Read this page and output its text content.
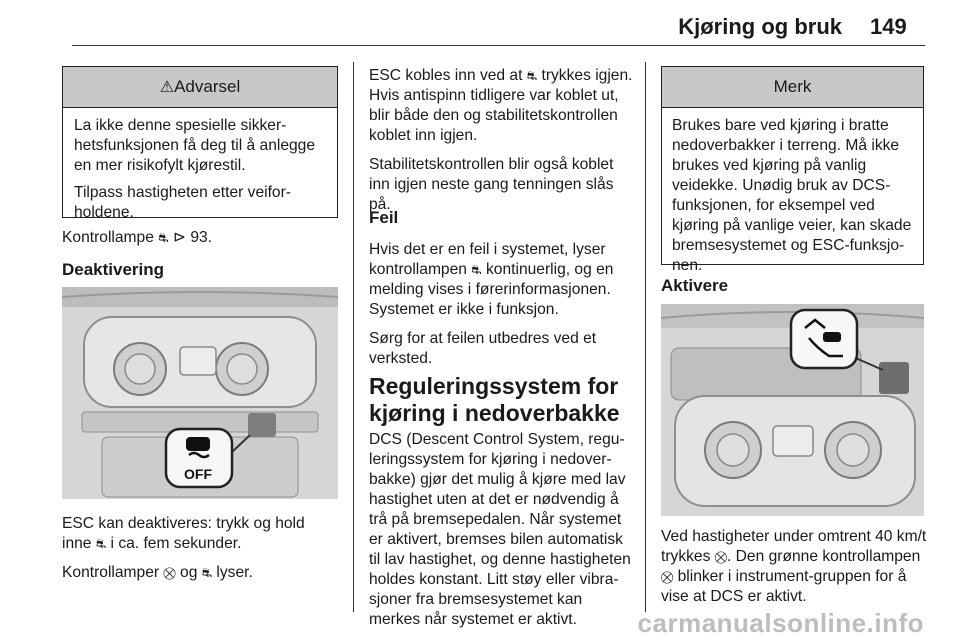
Kjøring og bruk 149
⚠Advarsel

La ikke denne spesielle sikker-hetsfunksjonen få deg til å anlegge en mer risikofylt kjørestil.

Tilpass hastigheten etter veifor-holdene.

Kontrollampe ⛐ ⊳ 93.
Deaktivering
OFF

ESC kan deaktiveres: trykk og hold inne ⛐ i ca. fem sekunder.

Kontrollamper ⛒ og ⛐ lyser.

ESC kobles inn ved at ⛐ trykkes igjen. Hvis antispinn tidligere var koblet ut, blir både den og stabilitetskontrollen koblet inn igjen.

Stabilitetskontrollen blir også koblet inn igjen neste gang tenningen slås på.

Feil

Hvis det er en feil i systemet, lyser kontrollampen ⛐ kontinuerlig, og en melding vises i førerinformasjonen. Systemet er ikke i funksjon.

Sørg for at feilen utbedres ved et verksted.

Reguleringssystem for kjøring i nedoverbakke

DCS (Descent Control System, regu-leringssystem for kjøring i nedover-bakke) gjør det mulig å kjøre med lav hastighet uten at det er nødvendig å trå på bremsepedalen. Når systemet er aktivert, bremses bilen automatisk til lav hastighet, og denne hastigheten holdes konstant. Litt støy eller vibra-sjoner fra bremsesystemet kan merkes når systemet er aktivt.

Merk

Brukes bare ved kjøring i bratte nedoverbakker i terreng. Må ikke brukes ved kjøring på vanlig veidekke. Unødig bruk av DCS-funksjonen, for eksempel ved kjøring på vanlige veier, kan skade bremsesystemet og ESC-funksjo-nen.

Aktivere

Ved hastigheter under omtrent 40 km/t trykkes ⛒. Den grønne kontrollampen ⛒ blinker i instrument-gruppen for å vise at DCS er aktivt.

carmanualsonline.info
